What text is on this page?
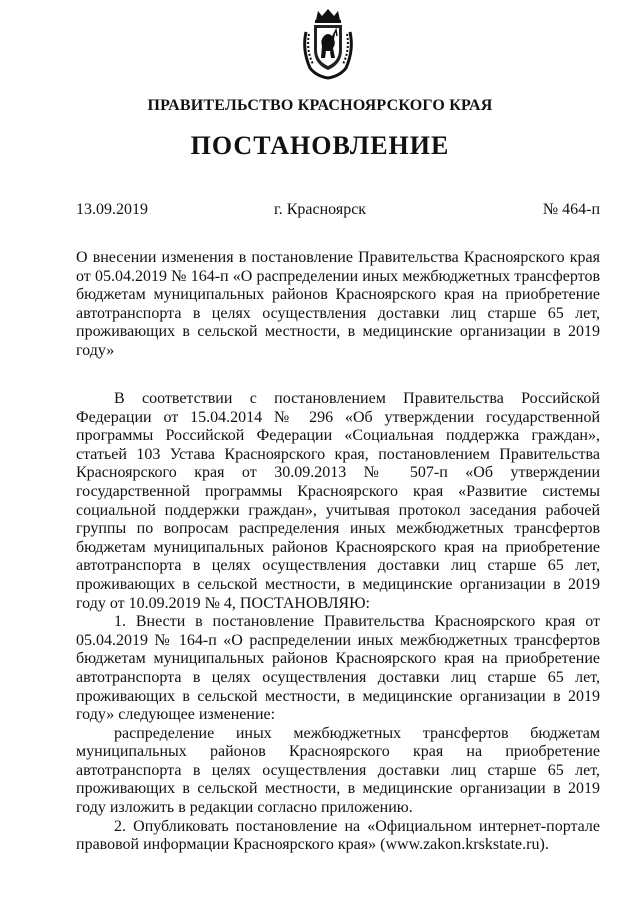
ПРАВИТЕЛЬСТВО КРАСНОЯРСКОГО КРАЯ
ПОСТАНОВЛЕНИЕ
13.09.2019	г. Красноярск	№ 464-п
О внесении изменения в постановление Правительства Красноярского края от 05.04.2019 № 164-п «О распределении иных межбюджетных трансфертов бюджетам муниципальных районов Красноярского края на приобретение автотранспорта в целях осуществления доставки лиц старше 65 лет, проживающих в сельской местности, в медицинские организации в 2019 году»

В соответствии с постановлением Правительства Российской Федерации от 15.04.2014 № 296 «Об утверждении государственной программы Российской Федерации «Социальная поддержка граждан», статьей 103 Устава Красноярского края, постановлением Правительства Красноярского края от 30.09.2013 № 507-п «Об утверждении государственной программы Красноярского края «Развитие системы социальной поддержки граждан», учитывая протокол заседания рабочей группы по вопросам распределения иных межбюджетных трансфертов бюджетам муниципальных районов Красноярского края на приобретение автотранспорта в целях осуществления доставки лиц старше 65 лет, проживающих в сельской местности, в медицинские организации в 2019 году от 10.09.2019 № 4, ПОСТАНОВЛЯЮ:

1. Внести в постановление Правительства Красноярского края от 05.04.2019 № 164-п «О распределении иных межбюджетных трансфертов бюджетам муниципальных районов Красноярского края на приобретение автотранспорта в целях осуществления доставки лиц старше 65 лет, проживающих в сельской местности, в медицинские организации в 2019 году» следующее изменение:

распределение иных межбюджетных трансфертов бюджетам муниципальных районов Красноярского края на приобретение автотранспорта в целях осуществления доставки лиц старше 65 лет, проживающих в сельской местности, в медицинские организации в 2019 году изложить в редакции согласно приложению.

2. Опубликовать постановление на «Официальном интернет-портале правовой информации Красноярского края» (www.zakon.krskstate.ru).
